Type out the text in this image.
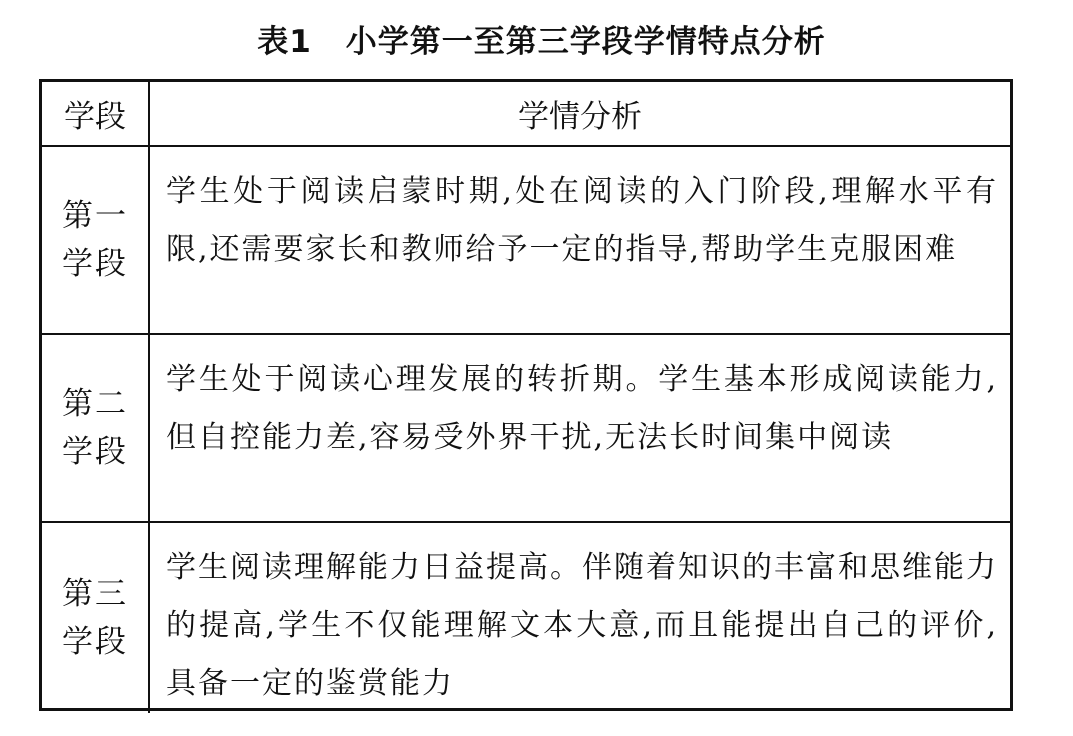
表1 小学第一至第三学段学情特点分析
学段	学情分析

第一
学段	学生处于阅读启蒙时期,处在阅读的入门阶段,理解水平有限,还需要家长和教师给予一定的指导,帮助学生克服困难

第二
学段	学生处于阅读心理发展的转折期。学生基本形成阅读能力,但自控能力差,容易受外界干扰,无法长时间集中阅读

第三
学段	学生阅读理解能力日益提高。伴随着知识的丰富和思维能力的提高,学生不仅能理解文本大意,而且能提出自己的评价,具备一定的鉴赏能力
